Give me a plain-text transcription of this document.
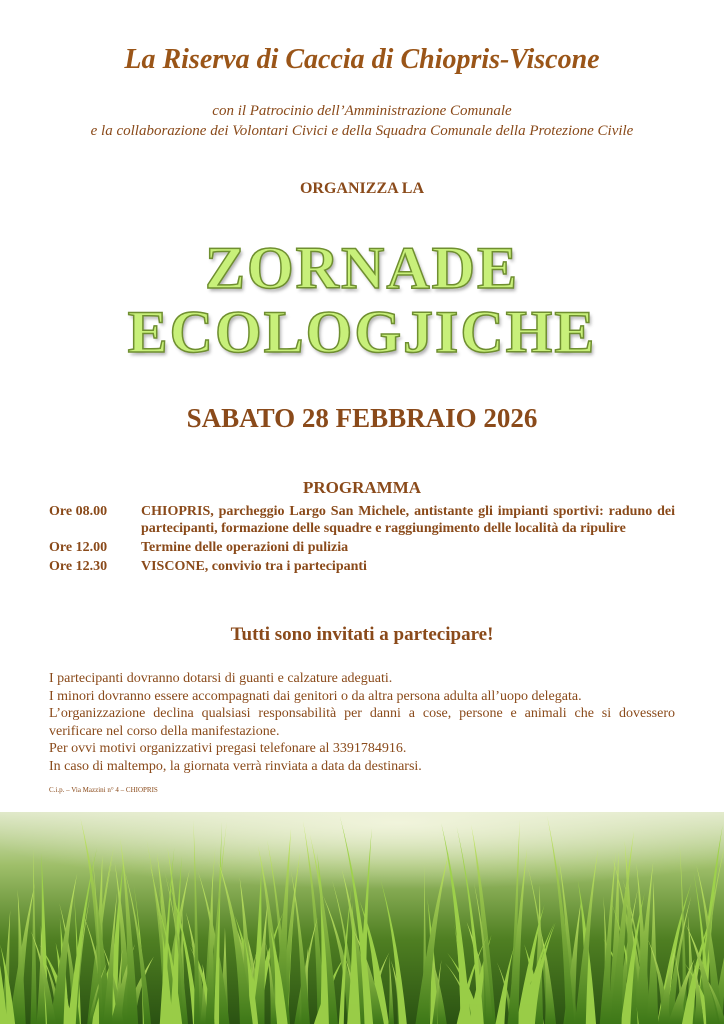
La Riserva di Caccia di Chiopris-Viscone
con il Patrocinio dell’Amministrazione Comunale
e la collaborazione dei Volontari Civici e della Squadra Comunale della Protezione Civile
ORGANIZZA LA
ZORNADE
ECOLOGJICHE
SABATO 28 FEBBRAIO 2026
PROGRAMMA
Ore 08.00	CHIOPRIS, parcheggio Largo San Michele, antistante gli impianti sportivi: raduno dei partecipanti, formazione delle squadre e raggiungimento delle località da ripulire
Ore 12.00	Termine delle operazioni di pulizia
Ore 12.30	VISCONE, convivio tra i partecipanti
Tutti sono invitati a partecipare!

I partecipanti dovranno dotarsi di guanti e calzature adeguati.

I minori dovranno essere accompagnati dai genitori o da altra persona adulta all’uopo delegata.

L’organizzazione declina qualsiasi responsabilità per danni a cose, persone e animali che si dovessero verificare nel corso della manifestazione.

Per ovvi motivi organizzativi pregasi telefonare al 3391784916.

In caso di maltempo, la giornata verrà rinviata a data da destinarsi.

C.i.p. – Via Mazzini n° 4 – CHIOPRIS
